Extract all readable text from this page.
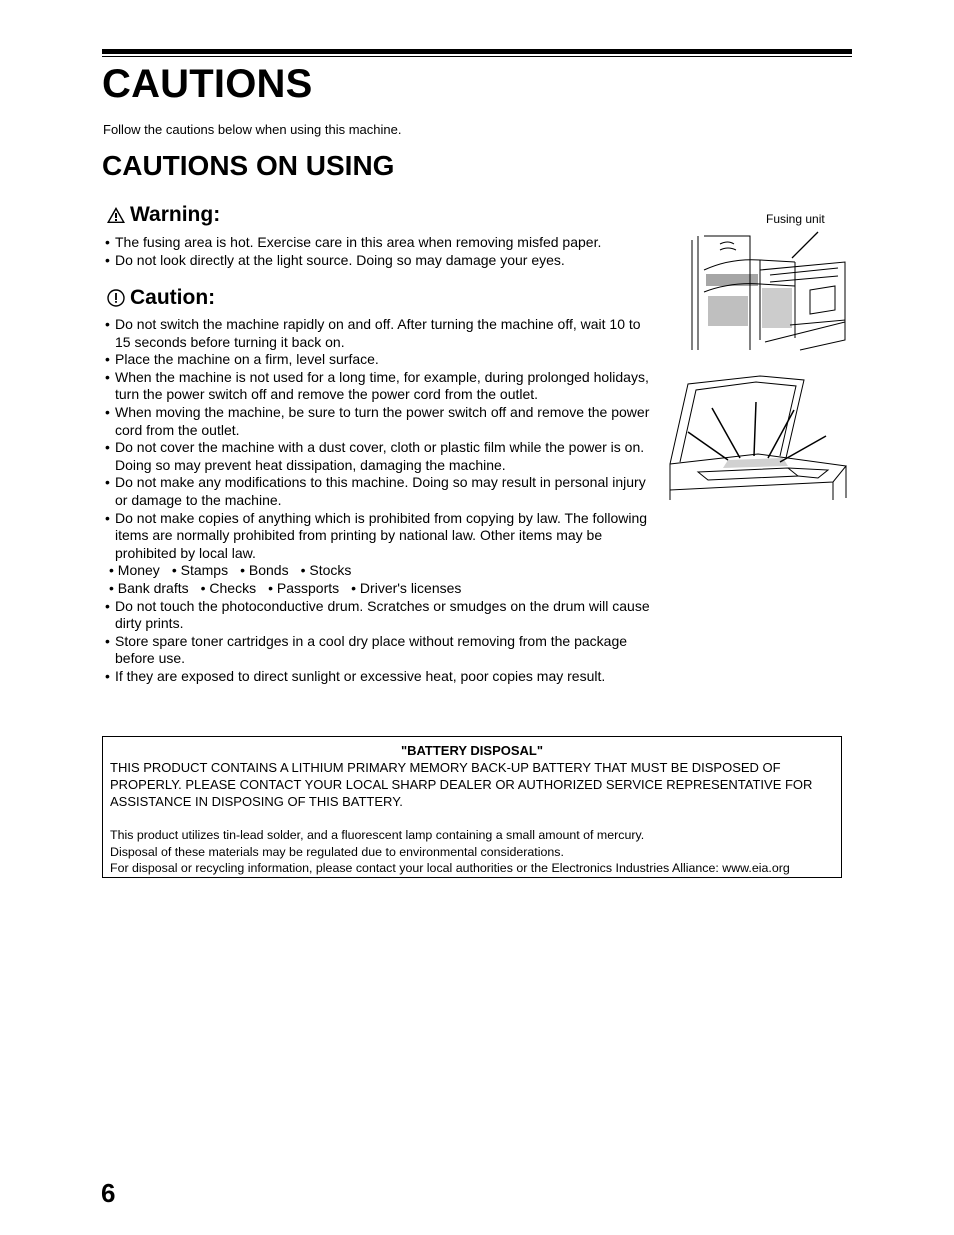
CAUTIONS
Follow the cautions below when using this machine.
CAUTIONS ON USING
Warning:
• The fusing area is hot. Exercise care in this area when removing misfed paper.
• Do not look directly at the light source. Doing so may damage your eyes.
Caution:
• Do not switch the machine rapidly on and off. After turning the machine off, wait 10 to 15 seconds before turning it back on.
• Place the machine on a firm, level surface.
• When the machine is not used for a long time, for example, during prolonged holidays, turn the power switch off and remove the power cord from the outlet.
• When moving the machine, be sure to turn the power switch off and remove the power cord from the outlet.
• Do not cover the machine with a dust cover, cloth or plastic film while the power is on. Doing so may prevent heat dissipation, damaging the machine.
• Do not make any modifications to this machine. Doing so may result in personal injury or damage to the machine.
• Do not make copies of anything which is prohibited from copying by law. The following items are normally prohibited from printing by national law. Other items may be prohibited by local law.
• Money • Stamps • Bonds • Stocks
• Bank drafts • Checks • Passports • Driver's licenses
• Do not touch the photoconductive drum. Scratches or smudges on the drum will cause dirty prints.
• Store spare toner cartridges in a cool dry place without removing from the package before use.
• If they are exposed to direct sunlight or excessive heat, poor copies may result.
Fusing unit
"BATTERY DISPOSAL"
THIS PRODUCT CONTAINS A LITHIUM PRIMARY MEMORY BACK-UP BATTERY THAT MUST BE DISPOSED OF PROPERLY. PLEASE CONTACT YOUR LOCAL SHARP DEALER OR AUTHORIZED SERVICE REPRESENTATIVE FOR ASSISTANCE IN DISPOSING OF THIS BATTERY.
This product utilizes tin-lead solder, and a fluorescent lamp containing a small amount of mercury.
Disposal of these materials may be regulated due to environmental considerations.
For disposal or recycling information, please contact your local authorities or the Electronics Industries Alliance: www.eia.org
6
